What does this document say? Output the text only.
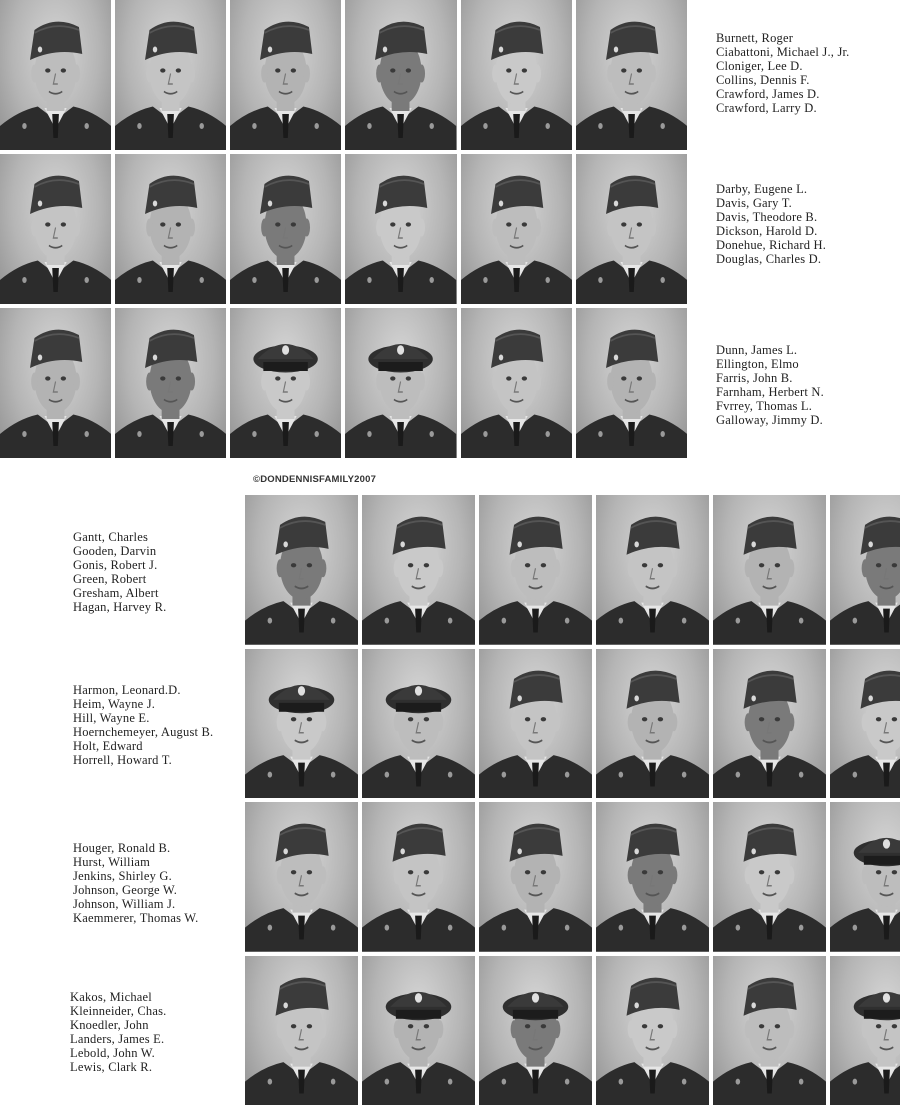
©DONDENNISFAMILY2007

Burnett, Roger
Ciabattoni, Michael J., Jr.
Cloniger, Lee D.
Collins, Dennis F.
Crawford, James D.
Crawford, Larry D.
Darby, Eugene L.
Davis, Gary T.
Davis, Theodore B.
Dickson, Harold D.
Donehue, Richard H.
Douglas, Charles D.
Dunn, James L.
Ellington, Elmo
Farris, John B.
Farnham, Herbert N.
Fvrrey, Thomas L.
Galloway, Jimmy D.
Gantt, Charles
Gooden, Darvin
Gonis, Robert J.
Green, Robert
Gresham, Albert
Hagan, Harvey R.
Harmon, Leonard.D.
Heim, Wayne J.
Hill, Wayne E.
Hoernchemeyer, August B.
Holt, Edward
Horrell, Howard T.
Houger, Ronald B.
Hurst, William
Jenkins, Shirley G.
Johnson, George W.
Johnson, William J.
Kaemmerer, Thomas W.
Kakos, Michael
Kleinneider, Chas.
Knoedler, John
Landers, James E.
Lebold, John W.
Lewis, Clark R.
